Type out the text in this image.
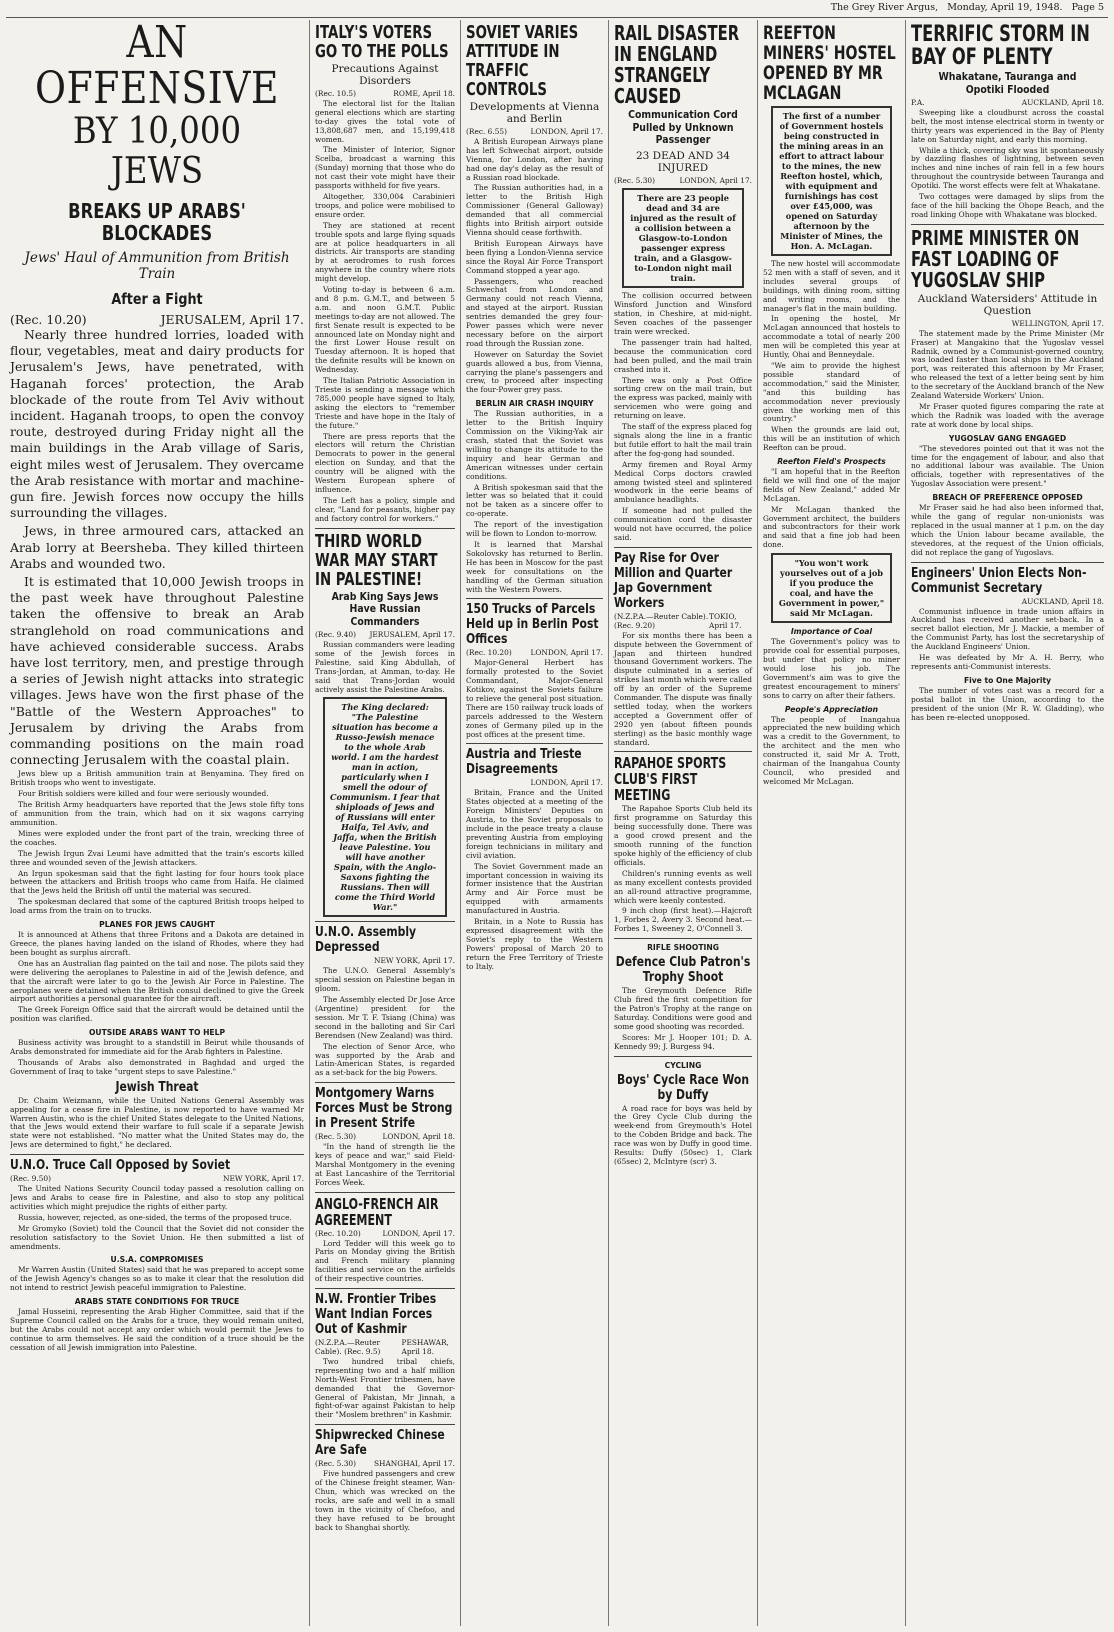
The Grey River Argus, Monday, April 19, 1948. Page 5
AN OFFENSIVE
BY 10,000 JEWS
BREAKS UP ARABS' BLOCKADES
Jews' Haul of Ammunition from British Train
After a Fight
(Rec. 10.20)	JERUSALEM, April 17.

Nearly three hundred lorries, loaded with flour, vegetables, meat and dairy products for Jerusalem's Jews, have penetrated, with Haganah forces' protection, the Arab blockade of the route from Tel Aviv without incident. Haganah troops, to open the convoy route, destroyed during Friday night all the main buildings in the Arab village of Saris, eight miles west of Jerusalem. They overcame the Arab resistance with mortar and machine-gun fire. Jewish forces now occupy the hills surrounding the villages.

Jews, in three armoured cars, attacked an Arab lorry at Beersheba. They killed thirteen Arabs and wounded two.

It is estimated that 10,000 Jewish troops in the past week have throughout Palestine taken the offensive to break an Arab stranglehold on road communications and have achieved considerable success. Arabs have lost territory, men, and prestige through a series of Jewish night attacks into strategic villages. Jews have won the first phase of the "Battle of the Western Approaches" to Jerusalem by driving the Arabs from commanding positions on the main road connecting Jerusalem with the coastal plain.

Jews blew up a British ammunition train at Benyamina. They fired on British troops who went to investigate.

Four British soldiers were killed and four were seriously wounded.

The British Army headquarters have reported that the Jews stole fifty tons of ammunition from the train, which had on it six wagons carrying ammunition.

Mines were exploded under the front part of the train, wrecking three of the coaches.

The Jewish Irgun Zvai Leumi have admitted that the train's escorts killed three and wounded seven of the Jewish attackers.

An Irgun spokesman said that the fight lasting for four hours took place between the attackers and British troops who came from Haifa. He claimed that the Jews held the British off until the material was secured.

The spokesman declared that some of the captured British troops helped to load arms from the train on to trucks.

PLANES FOR JEWS CAUGHT

It is announced at Athens that three Fritons and a Dakota are detained in Greece, the planes having landed on the island of Rhodes, where they had been bought as surplus aircraft.

One has an Australian flag painted on the tail and nose. The pilots said they were delivering the aeroplanes to Palestine in aid of the Jewish defence, and that the aircraft were later to go to the Jewish Air Force in Palestine. The aeroplanes were detained when the British consul declined to give the Greek airport authorities a personal guarantee for the aircraft.

The Greek Foreign Office said that the aircraft would be detained until the position was clarified.

OUTSIDE ARABS WANT TO HELP

Business activity was brought to a standstill in Beirut while thousands of Arabs demonstrated for immediate aid for the Arab fighters in Palestine.

Thousands of Arabs also demonstrated in Baghdad and urged the Government of Iraq to take "urgent steps to save Palestine."

Jewish Threat

Dr. Chaim Weizmann, while the United Nations General Assembly was appealing for a cease fire in Palestine, is now reported to have warned Mr Warren Austin, who is the chief United States delegate to the United Nations, that the Jews would extend their warfare to full scale if a separate Jewish state were not established. "No matter what the United States may do, the Jews are determined to fight," he declared.

U.N.O. Truce Call Opposed by Soviet
(Rec. 9.50)	NEW YORK, April 17.

The United Nations Security Council today passed a resolution calling on Jews and Arabs to cease fire in Palestine, and also to stop any political activities which might prejudice the rights of either party.

Russia, however, rejected, as one-sided, the terms of the proposed truce.

Mr Gromyko (Soviet) told the Council that the Soviet did not consider the resolution satisfactory to the Soviet Union. He then submitted a list of amendments.

U.S.A. COMPROMISES

Mr Warren Austin (United States) said that he was prepared to accept some of the Jewish Agency's changes so as to make it clear that the resolution did not intend to restrict Jewish peaceful immigration to Palestine.

ARABS STATE CONDITIONS FOR TRUCE

Jamal Husseini, representing the Arab Higher Committee, said that if the Supreme Council called on the Arabs for a truce, they would remain united, but the Arabs could not accept any order which would permit the Jews to continue to arm themselves. He said the condition of a truce should be the cessation of all Jewish immigration into Palestine.

ITALY'S VOTERS GO TO THE POLLS
Precautions Against Disorders
(Rec. 10.5)	ROME, April 18.

The electoral list for the Italian general elections which are starting to-day gives the total vote of 13,808,687 men, and 15,199,418 women.

The Minister of Interior, Signor Scelba, broadcast a warning this (Sunday) morning that those who do not cast their vote might have their passports withheld for five years.

Altogether, 330,004 Carabinieri troops, and police were mobilised to ensure order.

They are stationed at recent trouble spots and large flying squads are at police headquarters in all districts. Air transports are standing by at aerodromes to rush forces anywhere in the country where riots might develop.

Voting to-day is between 6 a.m. and 8 p.m. G.M.T., and between 5 a.m. and noon G.M.T. Public meetings to-day are not allowed. The first Senate result is expected to be announced late on Monday night and the first Lower House result on Tuesday afternoon. It is hoped that the definite results will be known on Wednesday.

The Italian Patriotic Association in Trieste is sending a message which 785,000 people have signed to Italy, asking the electors to "remember Trieste and have hope in the Italy of the future."

There are press reports that the electors will return the Christian Democrats to power in the general election on Sunday, and that the country will be aligned with the Western European sphere of influence.

The Left has a policy, simple and clear, "Land for peasants, higher pay and factory control for workers."

THIRD WORLD WAR MAY START IN PALESTINE!
Arab King Says Jews Have Russian Commanders
(Rec. 9.40) JERUSALEM, April 17.

Russian commanders were leading some of the Jewish forces in Palestine, said King Abdullah, of Trans-Jordan, at Amman, to-day. He said that Trans-Jordan would actively assist the Palestine Arabs.

The King declared: "The Palestine situation has become a Russo-Jewish menace to the whole Arab world. I am the hardest man in action, particularly when I smell the odour of Communism. I fear that shiploads of Jews and of Russians will enter Haifa, Tel Aviv, and Jaffa, when the British leave Palestine. You will have another Spain, with the Anglo-Saxons fighting the Russians. Then will come the Third World War."
U.N.O. Assembly Depressed
NEW YORK, April 17.

The U.N.O. General Assembly's special session on Palestine began in gloom.

The Assembly elected Dr Jose Arce (Argentine) president for the session. Mr T. F. Tsiang (China) was second in the balloting and Sir Carl Berendsen (New Zealand) was third.

The election of Senor Arce, who was supported by the Arab and Latin-American States, is regarded as a set-back for the big Powers.

Montgomery Warns Forces Must be Strong in Present Strife
(Rec. 5.30)	LONDON, April 18.

"In the hand of strength lie the keys of peace and war," said Field-Marshal Montgomery in the evening at East Lancashire of the Territorial Forces Week.

ANGLO-FRENCH AIR AGREEMENT
(Rec. 10.20)	LONDON, April 17.

Lord Tedder will this week go to Paris on Monday giving the British and French military planning facilities and service on the airfields of their respective countries.

N.W. Frontier Tribes Want Indian Forces Out of Kashmir
(N.Z.P.A.—Reuter Cable). (Rec. 9.5)
PESHAWAR, April 18.

Two hundred tribal chiefs, representing two and a half million North-West Frontier tribesmen, have demanded that the Governor-General of Pakistan, Mr Jinnah, a fight-of-war against Pakistan to help their "Moslem brethren" in Kashmir.

Shipwrecked Chinese Are Safe
(Rec. 5.30) SHANGHAI, April 17.

Five hundred passengers and crew of the Chinese freight steamer, Wan-Chun, which was wrecked on the rocks, are safe and well in a small town in the vicinity of Chefoo, and they have refused to be brought back to Shanghai shortly.

SOVIET VARIES ATTITUDE IN TRAFFIC CONTROLS
Developments at Vienna and Berlin
(Rec. 6.55)	LONDON, April 17.

A British European Airways plane has left Schwechat airport, outside Vienna, for London, after having had one day's delay as the result of a Russian road blockade.

The Russian authorities had, in a letter to the British High Commissioner (General Galloway) demanded that all commercial flights into British airport outside Vienna should cease forthwith.

British European Airways have been flying a London-Vienna service since the Royal Air Force Transport Command stopped a year ago.

Passengers, who reached Schwechat from London and Germany could not reach Vienna, and stayed at the airport. Russian sentries demanded the grey four-Power passes which were never necessary before on the airport road through the Russian zone.

However on Saturday the Soviet guards allowed a bus, from Vienna, carrying the plane's passengers and crew, to proceed after inspecting the four-Power grey pass.

BERLIN AIR CRASH INQUIRY

The Russian authorities, in a letter to the British Inquiry Commission on the Viking-Yak air crash, stated that the Soviet was willing to change its attitude to the inquiry and hear German and American witnesses under certain conditions.

A British spokesman said that the letter was so belated that it could not be taken as a sincere offer to co-operate.

The report of the investigation will be flown to London to-morrow.

It is learned that Marshal Sokolovsky has returned to Berlin. He has been in Moscow for the past week for consultations on the handling of the German situation with the Western Powers.

150 Trucks of Parcels Held up in Berlin Post Offices
(Rec. 10.20)	LONDON, April 17.

Major-General Herbert has formally protested to the Soviet Commandant, Major-General Kotikov, against the Soviets failure to relieve the general post situation. There are 150 railway truck loads of parcels addressed to the Western zones of Germany piled up in the post offices at the present time.

Austria and Trieste Disagreements
LONDON, April 17.

Britain, France and the United States objected at a meeting of the Foreign Ministers' Deputies on Austria, to the Soviet proposals to include in the peace treaty a clause preventing Austria from employing foreign technicians in military and civil aviation.

The Soviet Government made an important concession in waiving its former insistence that the Austrian Army and Air Force must be equipped with armaments manufactured in Austria.

Britain, in a Note to Russia has expressed disagreement with the Soviet's reply to the Western Powers' proposal of March 20 to return the Free Territory of Trieste to Italy.

RAIL DISASTER IN ENGLAND STRANGELY CAUSED
Communication Cord Pulled by Unknown Passenger
23 DEAD AND 34 INJURED
(Rec. 5.30)	LONDON, April 17.
There are 23 people dead and 34 are injured as the result of a collision between a Glasgow-to-London passenger express train, and a Glasgow-to-London night mail train.

The collision occurred between Winsford Junction and Winsford station, in Cheshire, at mid-night. Seven coaches of the passenger train were wrecked.

The passenger train had halted, because the communication cord had been pulled, and the mail train crashed into it.

There was only a Post Office sorting crew on the mail train, but the express was packed, mainly with servicemen who were going and returning on leave.

The staff of the express placed fog signals along the line in a frantic but futile effort to halt the mail train after the fog-gong had sounded.

Army firemen and Royal Army Medical Corps doctors crawled among twisted steel and splintered woodwork in the eerie beams of ambulance headlights.

If someone had not pulled the communication cord the disaster would not have occurred, the police said.

Pay Rise for Over Million and Quarter Jap Government Workers
(N.Z.P.A.—Reuter Cable). (Rec. 9.20)
TOKIO, April 17.

For six months there has been a dispute between the Government of Japan and thirteen hundred thousand Government workers. The dispute culminated in a series of strikes last month which were called off by an order of the Supreme Commander. The dispute was finally settled today, when the workers accepted a Government offer of 2920 yen (about fifteen pounds sterling) as the basic monthly wage standard.

RAPAHOE SPORTS CLUB'S FIRST MEETING

The Rapahoe Sports Club held its first programme on Saturday this being successfully done. There was a good crowd present and the smooth running of the function spoke highly of the efficiency of club officials.

Children's running events as well as many excellent contests provided an all-round attractive programme, which were keenly contested.

9 inch chop (first heat).—Hajcroft 1, Forbes 2, Avery 3. Second heat.—Forbes 1, Sweeney 2, O'Connell 3.

RIFLE SHOOTING
Defence Club Patron's Trophy Shoot

The Greymouth Defence Rifle Club fired the first competition for the Patron's Trophy at the range on Saturday. Conditions were good and some good shooting was recorded.

Scores: Mr J. Hooper 101; D. A. Kennedy 99; J. Burgess 94.

CYCLING
Boys' Cycle Race Won by Duffy

A road race for boys was held by the Grey Cycle Club during the week-end from Greymouth's Hotel to the Cobden Bridge and back. The race was won by Duffy in good time. Results: Duffy (50sec) 1, Clark (65sec) 2, McIntyre (scr) 3.

REEFTON MINERS' HOSTEL OPENED BY MR MCLAGAN
The first of a number of Government hostels being constructed in the mining areas in an effort to attract labour to the mines, the new Reefton hostel, which, with equipment and furnishings has cost over £45,000, was opened on Saturday afternoon by the Minister of Mines, the Hon. A. McLagan.

The new hostel will accommodate 52 men with a staff of seven, and it includes several groups of buildings, with dining room, sitting and writing rooms, and the manager's flat in the main building.

In opening the hostel, Mr McLagan announced that hostels to accommodate a total of nearly 200 men will be completed this year at Huntly, Ohai and Benneydale.

"We aim to provide the highest possible standard of accommodation," said the Minister, "and this building has accommodation never previously given the working men of this country."

When the grounds are laid out, this will be an institution of which Reefton can be proud.

Reefton Field's Prospects

"I am hopeful that in the Reefton field we will find one of the major fields of New Zealand," added Mr McLagan.

Mr McLagan thanked the Government architect, the builders and subcontractors for their work and said that a fine job had been done.

"You won't work yourselves out of a job if you produce the coal, and have the Government in power," said Mr McLagan.
Importance of Coal

The Government's policy was to provide coal for essential purposes, but under that policy no miner would lose his job. The Government's aim was to give the greatest encouragement to miners' sons to carry on after their fathers.

People's Appreciation

The people of Inangahua appreciated the new building which was a credit to the Government, to the architect and the men who constructed it, said Mr A. Trott, chairman of the Inangahua County Council, who presided and welcomed Mr McLagan.

TERRIFIC STORM IN BAY OF PLENTY
Whakatane, Tauranga and Opotiki Flooded
P.A.	AUCKLAND, April 18.

Sweeping like a cloudburst across the coastal belt, the most intense electrical storm in twenty or thirty years was experienced in the Bay of Plenty late on Saturday night, and early this morning.

While a thick, covering sky was lit spontaneously by dazzling flashes of lightning, between seven inches and nine inches of rain fell in a few hours throughout the countryside between Tauranga and Opotiki. The worst effects were felt at Whakatane.

Two cottages were damaged by slips from the face of the hill backing the Ohope Beach, and the road linking Ohope with Whakatane was blocked.

PRIME MINISTER ON FAST LOADING OF YUGOSLAV SHIP
Auckland Watersiders' Attitude in Question
WELLINGTON, April 17.

The statement made by the Prime Minister (Mr Fraser) at Mangakino that the Yugoslav vessel Radnik, owned by a Communist-governed country, was loaded faster than local ships in the Auckland port, was reiterated this afternoon by Mr Fraser, who released the text of a letter being sent by him to the secretary of the Auckland branch of the New Zealand Waterside Workers' Union.

Mr Fraser quoted figures comparing the rate at which the Radnik was loaded with the average rate at work done by local ships.

YUGOSLAV GANG ENGAGED

"The stevedores pointed out that it was not the time for the engagement of labour, and also that no additional labour was available. The Union officials, together with representatives of the Yugoslav Association were present."

BREACH OF PREFERENCE OPPOSED

Mr Fraser said he had also been informed that, while the gang of regular non-unionists was replaced in the usual manner at 1 p.m. on the day which the Union labour became available, the stevedores, at the request of the Union officials, did not replace the gang of Yugoslavs.

Engineers' Union Elects Non-Communist Secretary
AUCKLAND, April 18.

Communist influence in trade union affairs in Auckland has received another set-back. In a secret ballot election, Mr J. Mackie, a member of the Communist Party, has lost the secretaryship of the Auckland Engineers' Union.

He was defeated by Mr A. H. Berry, who represents anti-Communist interests.

Five to One Majority

The number of votes cast was a record for a postal ballot in the Union, according to the president of the union (Mr R. W. Gladding), who has been re-elected unopposed.
